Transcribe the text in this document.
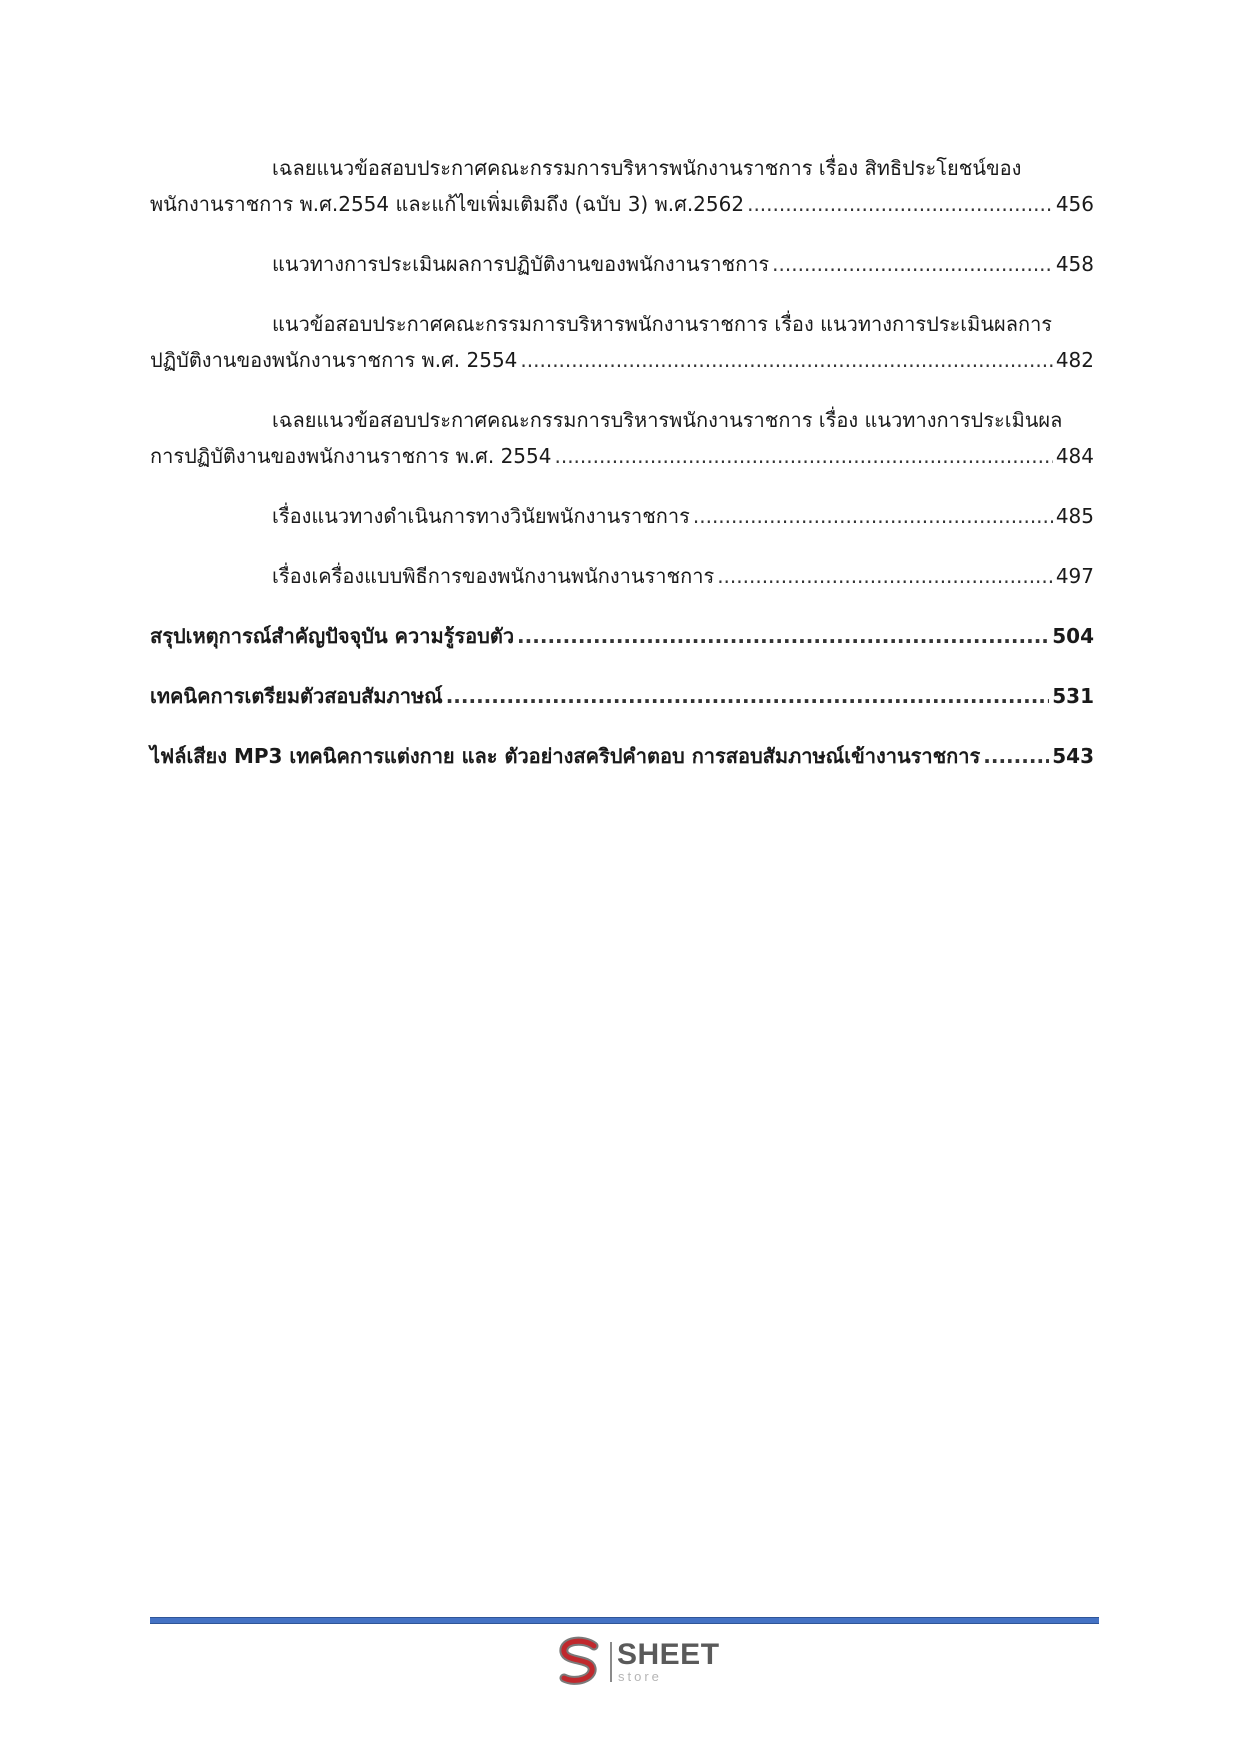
เฉลยแนวข้อสอบประกาศคณะกรรมการบริหารพนักงานราชการ เรื่อง สิทธิประโยชน์ของ
พนักงานราชการ พ.ศ.2554 และแก้ไขเพิ่มเติมถึง (ฉบับ 3) พ.ศ.2562 .....	456
แนวทางการประเมินผลการปฏิบัติงานของพนักงานราชการ .....	458
แนวข้อสอบประกาศคณะกรรมการบริหารพนักงานราชการ เรื่อง แนวทางการประเมินผลการ
ปฏิบัติงานของพนักงานราชการ พ.ศ. 2554 .....	482
เฉลยแนวข้อสอบประกาศคณะกรรมการบริหารพนักงานราชการ เรื่อง แนวทางการประเมินผล
การปฏิบัติงานของพนักงานราชการ พ.ศ. 2554 .....	484
เรื่องแนวทางดำเนินการทางวินัยพนักงานราชการ .....	485
เรื่องเครื่องแบบพิธีการของพนักงานพนักงานราชการ .....	497
สรุปเหตุการณ์สำคัญปัจจุบัน ความรู้รอบตัว .....	504
เทคนิคการเตรียมตัวสอบสัมภาษณ์ .....	531
ไฟล์เสียง MP3 เทคนิคการแต่งกาย และ ตัวอย่างสคริปคำตอบ การสอบสัมภาษณ์เข้างานราชการ .....	543
SHEET
store
